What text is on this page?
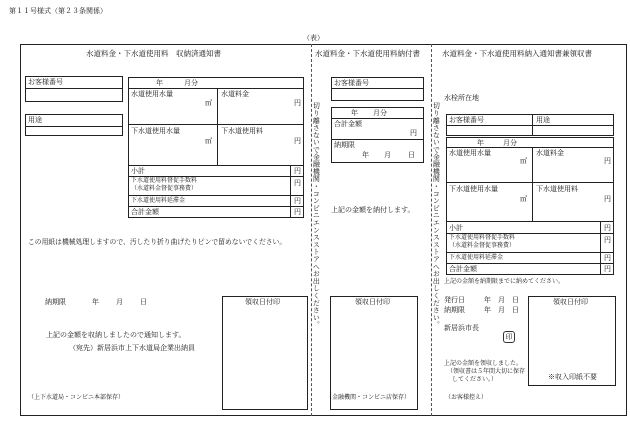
第１１号様式（第２３条関係）
（表）
水道料金・下水道使用料　収納済通知書
お客様番号
用途
年	月分
水道使用水量
㎥
水道料金
円
下水道使用水量
㎥
下水道使用料
円
小計	円
下水道使用料督促手数料
（水道料金督促事務費）
円
下水道使用料延滞金	円
合計金額	円
この用紙は機械処理しますので、汚したり折り曲げたりピンで留めないでください。
納期限	年 月 日	領収日付印
上記の金額を収納しましたので通知します。
（宛先）新居浜市上下水道局企業出納員
（上下水道局・コンビニ本部保存）
切り離さないで金融機関・コンビニエンスストアへお出しください。
水道料金・下水道使用料納付書
お客様番号
年 月分
合計金額
円
納期限
年 月 日
上記の金額を納付します。
領収日付印
（金融機関・コンビニ店保存）
切り離さないで金融機関・コンビニエンスストアへお出しください。
水道料金・下水道使用料納入通知書兼領収書
水栓所在地
お客様番号	用途
年	月分
水道使用水量
㎥
水道料金
円
下水道使用水量
㎥
下水道使用料
円
小計	円
下水道使用料督促手数料
（水道料金督促事務費）
円
下水道使用料延滞金	円
合計金額	円
上記の金額を納期限までに納めてください。
発行日	年 月 日
納期限	年 月 日
新居浜市長
印
上記の金額を領収しました。
（領収書は５年間大切に保存
してください。）
領収日付印
※収入印紙不要
（お客様控え）
